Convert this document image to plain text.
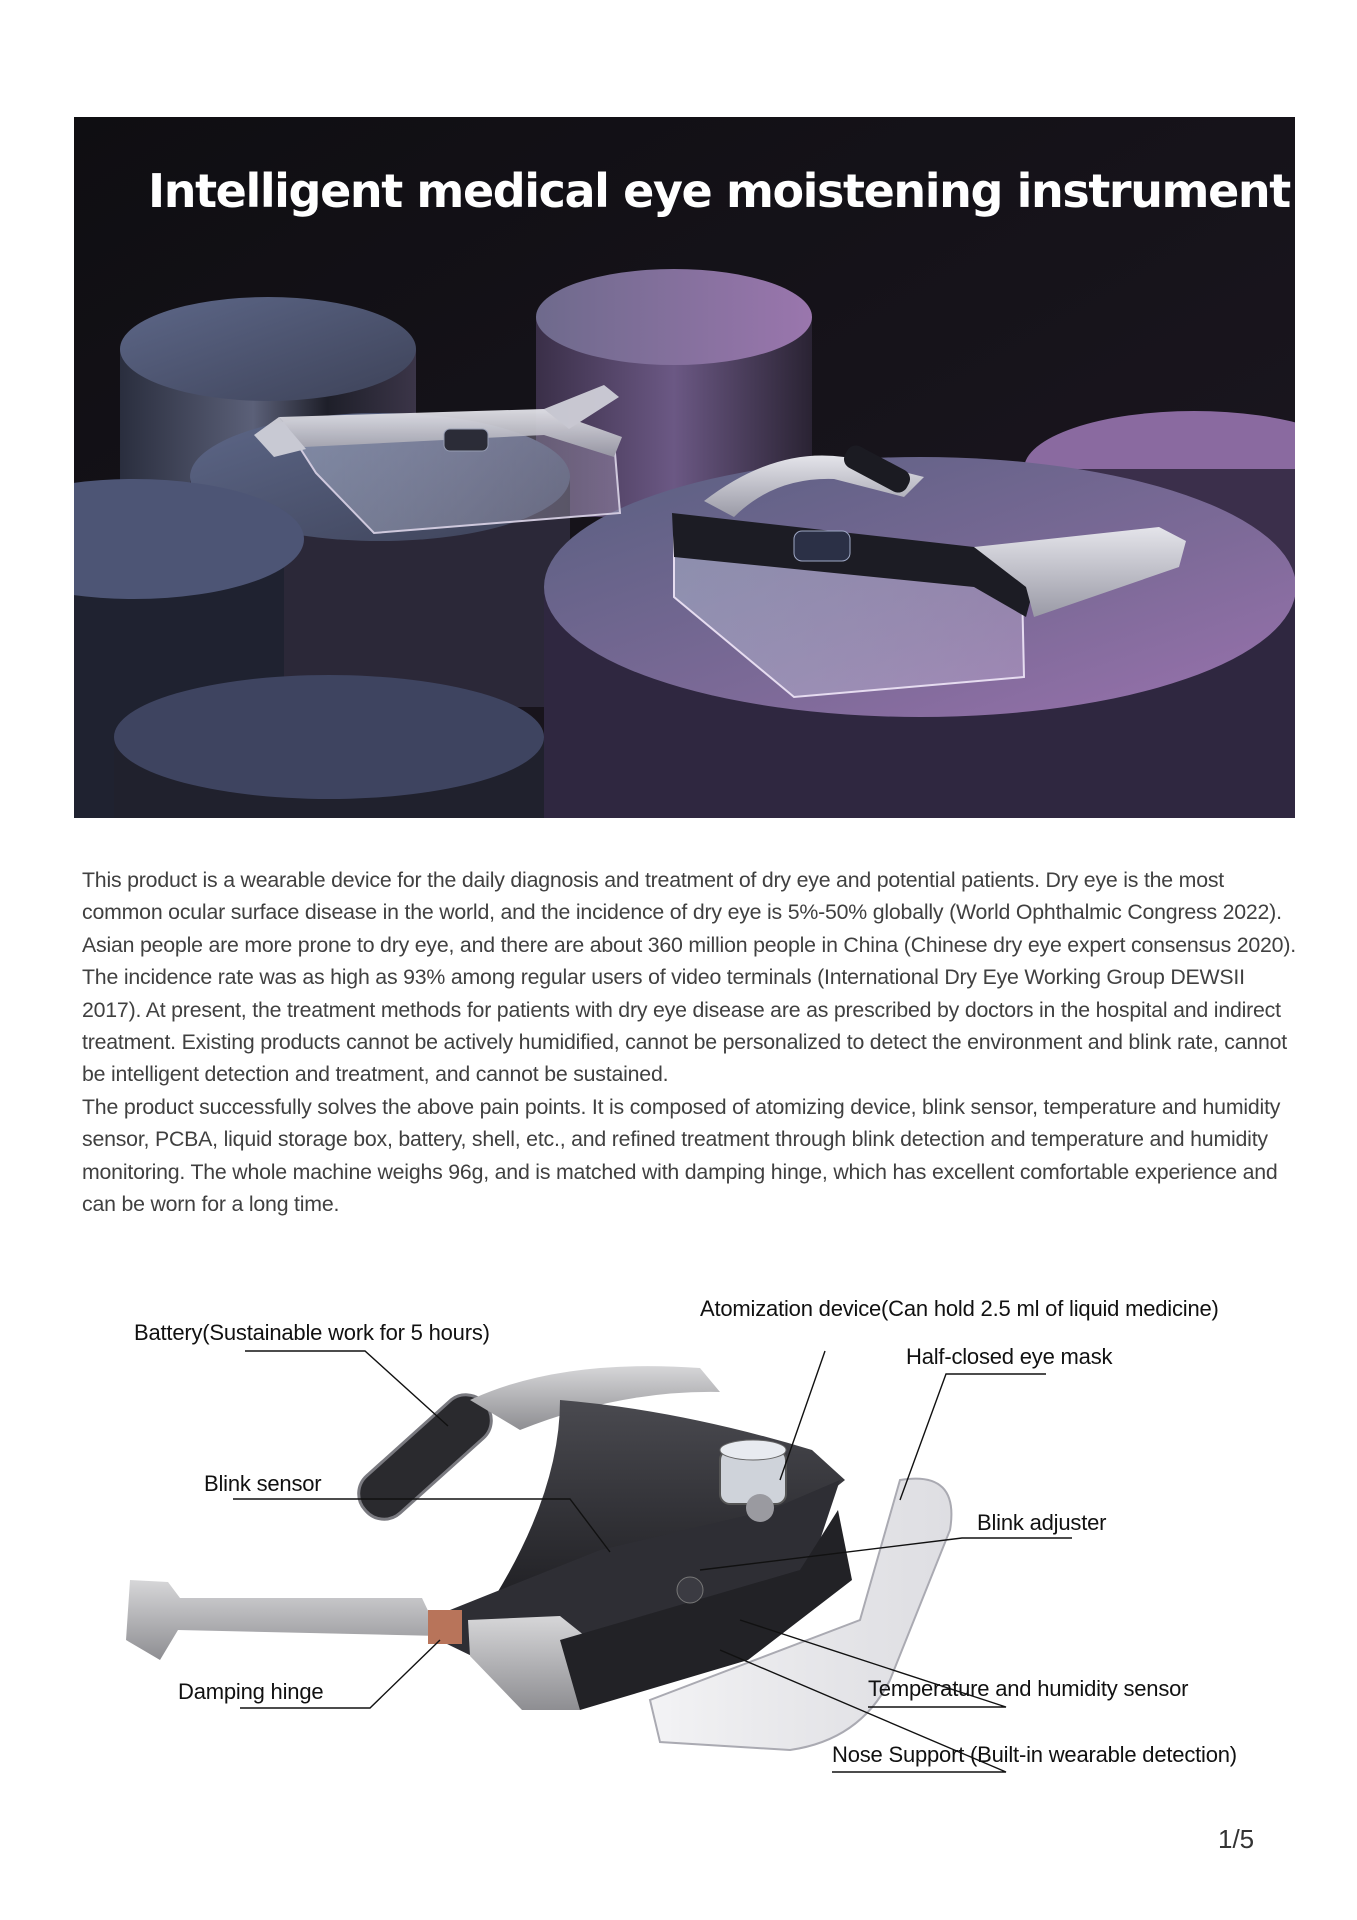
Intelligent medical eye moistening instrument

This product is a wearable device for the daily diagnosis and treatment of dry eye and potential patients. Dry eye is the most common ocular surface disease in the world, and the incidence of dry eye is 5%-50% globally (World Ophthalmic Congress 2022). Asian people are more prone to dry eye, and there are about 360 million people in China (Chinese dry eye expert consensus 2020). The incidence rate was as high as 93% among regular users of video terminals (International Dry Eye Working Group DEWSII 2017). At present, the treatment methods for patients with dry eye disease are as prescribed by doctors in the hospital and indirect treatment. Existing products cannot be actively humidified, cannot be personalized to detect the environment and blink rate, cannot be intelligent detection and treatment, and cannot be sustained.

The product successfully solves the above pain points. It is composed of atomizing device, blink sensor, temperature and humidity sensor, PCBA, liquid storage box, battery, shell, etc., and refined treatment through blink detection and temperature and humidity monitoring. The whole machine weighs 96g, and is matched with damping hinge, which has excellent comfortable experience and can be worn for a long time.

Battery(Sustainable work for 5 hours)
Atomization device(Can hold 2.5 ml of liquid medicine)
Half-closed eye mask
Blink sensor
Blink adjuster
Damping hinge	Temperature and humidity sensor
Nose Support (Built-in wearable detection)
1/5
